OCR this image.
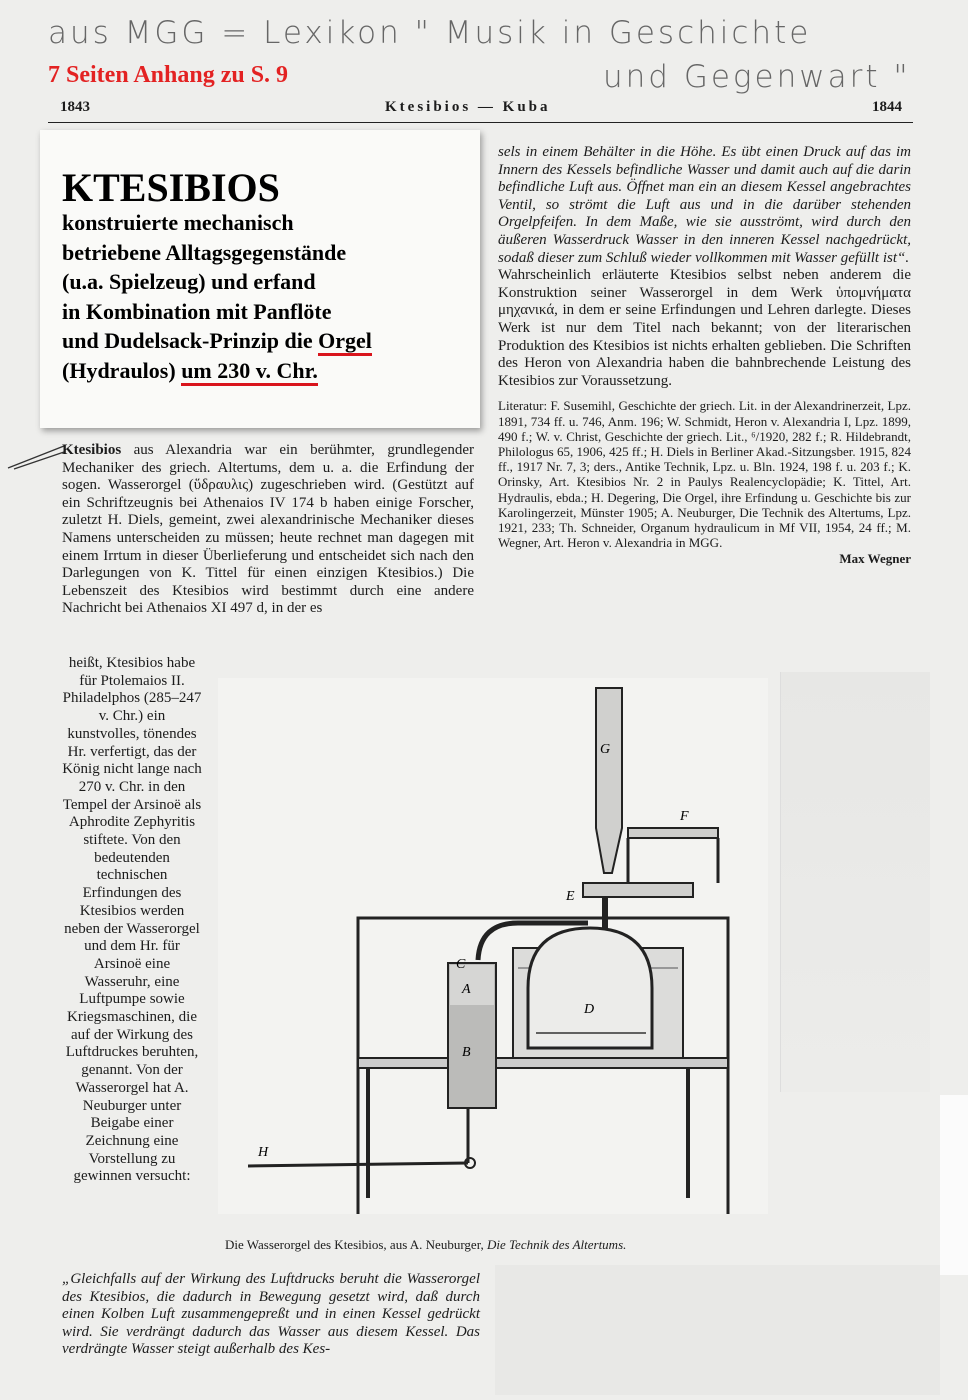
aus MGG = Lexikon " Musik in Geschichte
und Gegenwart "
7 Seiten Anhang zu S. 9
1843	Ktesibios — Kuba	1844
KTESIBIOS
konstruierte mechanisch
betriebene Alltagsgegenstände
(u.a. Spielzeug) und erfand
in Kombination mit Panflöte
und Dudelsack-Prinzip die Orgel
(Hydraulos) um 230 v. Chr.
sels in einem Behälter in die Höhe. Es übt einen Druck auf das im Innern des Kessels befindliche Wasser und damit auch auf die darin befindliche Luft aus. Öffnet man ein an diesem Kessel angebrachtes Ventil, so strömt die Luft aus und in die darüber stehenden Orgelpfeifen. In dem Maße, wie sie ausströmt, wird durch den äußeren Wasserdruck Wasser in den inneren Kessel nachgedrückt, sodaß dieser zum Schluß wieder vollkommen mit Wasser gefüllt ist“.
Wahrscheinlich erläuterte Ktesibios selbst neben anderem die Konstruktion seiner Wasserorgel in dem Werk ὑπομνήματα μηχανικά, in dem er seine Erfindungen und Lehren darlegte. Dieses Werk ist nur dem Titel nach bekannt; von der literarischen Produktion des Ktesibios ist nichts erhalten geblieben. Die Schriften des Heron von Alexandria haben die bahnbrechende Leistung des Ktesibios zur Voraussetzung.
Literatur: F. Susemihl, Geschichte der griech. Lit. in der Alexandrinerzeit, Lpz. 1891, 734 ff. u. 746, Anm. 196; W. Schmidt, Heron v. Alexandria I, Lpz. 1899, 490 f.; W. v. Christ, Geschichte der griech. Lit., ⁶/1920, 282 f.; R. Hildebrandt, Philologus 65, 1906, 425 ff.; H. Diels in Berliner Akad.-Sitzungsber. 1915, 824 ff., 1917 Nr. 7, 3; ders., Antike Technik, Lpz. u. Bln. 1924, 198 f. u. 203 f.; K. Orinsky, Art. Ktesibios Nr. 2 in Paulys Realencyclopädie; K. Tittel, Art. Hydraulis, ebda.; H. Degering, Die Orgel, ihre Erfindung u. Geschichte bis zur Karolingerzeit, Münster 1905; A. Neuburger, Die Technik des Altertums, Lpz. 1921, 233; Th. Schneider, Organum hydraulicum in Mf VII, 1954, 24 ff.; M. Wegner, Art. Heron v. Alexandria in MGG.
Max Wegner
Ktesibios aus Alexandria war ein berühmter, grundlegender Mechaniker des griech. Altertums, dem u. a. die Erfindung der sogen. Wasserorgel (ὕδραυλις) zugeschrieben wird. (Gestützt auf ein Schriftzeugnis bei Athenaios IV 174 b haben einige Forscher, zuletzt H. Diels, gemeint, zwei alexandrinische Mechaniker dieses Namens unterscheiden zu müssen; heute rechnet man dagegen mit einem Irrtum in dieser Überlieferung und entscheidet sich nach den Darlegungen von K. Tittel für einen einzigen Ktesibios.) Die Lebenszeit des Ktesibios wird bestimmt durch eine andere Nachricht bei Athenaios XI 497 d, in der es
heißt, Ktesibios habe für Ptolemaios II. Philadelphos (285–247 v. Chr.) ein kunstvolles, tönendes Hr. verfertigt, das der König nicht lange nach 270 v. Chr. in den Tempel der Arsinoë als Aphrodite Zephyritis stiftete. Von den bedeutenden technischen Erfindungen des Ktesibios werden neben der Wasserorgel und dem Hr. für Arsinoë eine Wasseruhr, eine Luftpumpe sowie Kriegsmaschinen, die auf der Wirkung des Luftdruckes beruhten, genannt. Von der Wasserorgel hat A. Neuburger unter Beigabe einer Zeichnung eine Vorstellung zu gewinnen versucht:
D
A
B
C
H
E
F
G
Die Wasserorgel des Ktesibios, aus A. Neuburger, Die Technik des Altertums.
„Gleichfalls auf der Wirkung des Luftdrucks beruht die Wasserorgel des Ktesibios, die dadurch in Bewegung gesetzt wird, daß durch einen Kolben Luft zusammengepreßt und in einen Kessel gedrückt wird. Sie verdrängt dadurch das Wasser aus diesem Kessel. Das verdrängte Wasser steigt außerhalb des Kes-
